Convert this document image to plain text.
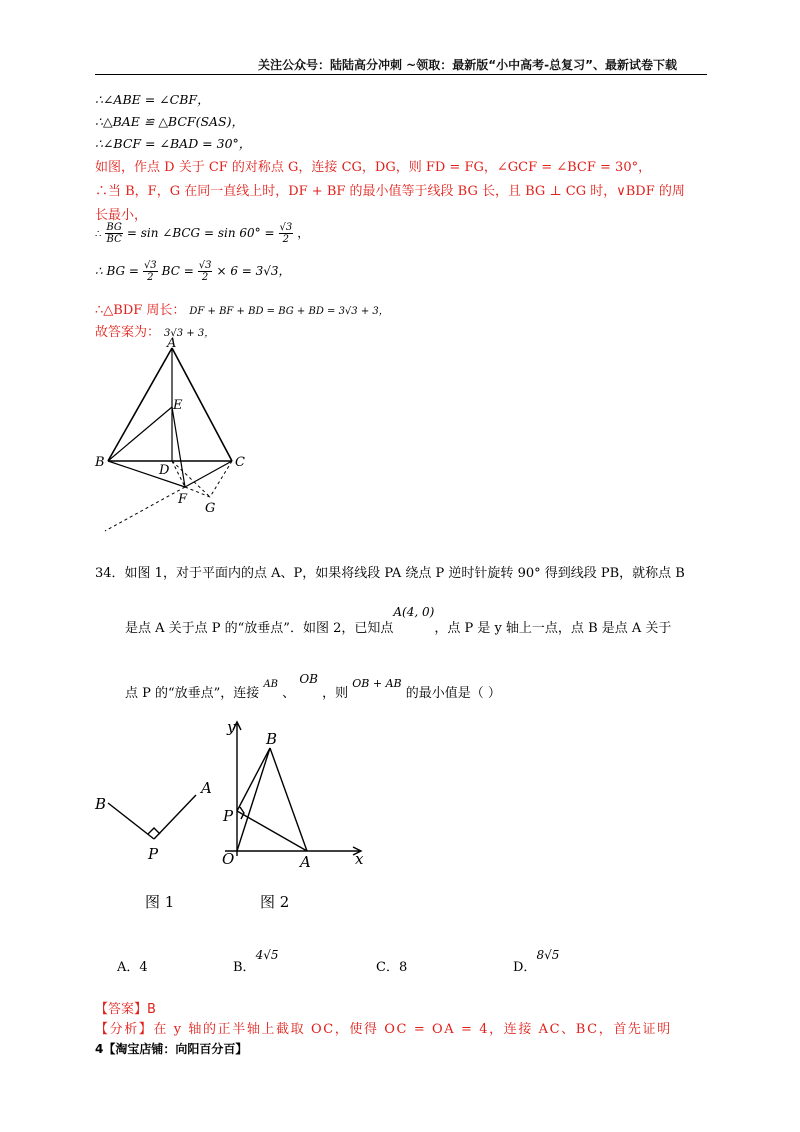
关注公众号：陆陆高分冲刺 ~领取：最新版“小中高考-总复习”、最新试卷下载
∴∠ABE = ∠CBF，
∴△BAE ≌ △BCF(SAS)，
∴∠BCF = ∠BAD = 30°，
如图，作点 D 关于 CF 的对称点 G，连接 CG，DG，则 FD = FG，∠GCF = ∠BCF = 30°，
∴当 B，F，G 在同一直线上时，DF + BF 的最小值等于线段 BG 长，且 BG ⊥ CG 时，∨BDF 的周
长最小，
∴ $\frac{BG}{BC} = \sin$ ∠BCG = $\sin 60^\circ = \frac{√3}{2}$ ，
∴ BG = $\frac{√3}{2}$ BC = $\frac{√3}{2} \times 6 = 3√3$，
∴△BDF 周长： DF + BF + BD = BG + BD = 3√3 + 3，
故答案为： 3√3 + 3，
A
E
B
D
C
F
G
34．如图 1，对于平面内的点 A、P，如果将线段 PA 绕点 P 逆时针旋转 90° 得到线段 PB，就称点 B
是点 A 关于点 P 的“放垂点”．如图 2，已知点A(4, 0)，点 P 是 y 轴上一点，点 B 是点 A 关于
点 P 的“放垂点”，连接 $^{AB}$ 、 OB ，则 $^{OB + AB}$ 的最小值是（ ）
B
A
P
y
B
P
O	A	x
图 1	图 2
A．4	B．4√5
C．8	D．8√5
【答案】B
【分析】在 y 轴的正半轴上截取 OC，使得 OC = OA = 4，连接 AC、BC，首先证明
4【淘宝店铺：向阳百分百】
